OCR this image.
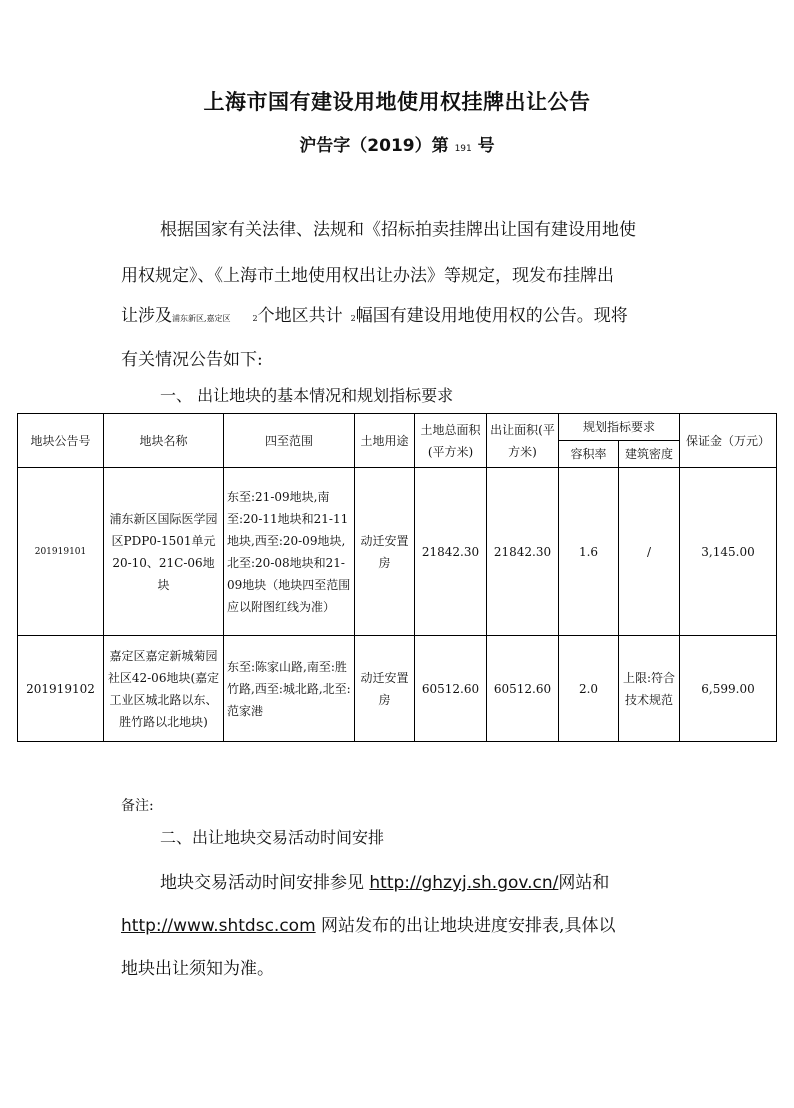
上海市国有建设用地使用权挂牌出让公告
沪告字（2019）第 191 号
根据国家有关法律、法规和《招标拍卖挂牌出让国有建设用地使
用权规定》、《上海市土地使用权出让办法》等规定，现发布挂牌出
让涉及浦东新区,嘉定区	2个地区共计 2幅国有建设用地使用权的公告。现将
有关情况公告如下:
一、 出让地块的基本情况和规划指标要求
地块公告号	地块名称	四至范围	土地用途	土地总面积(平方米)	出让面积(平方米)	规划指标要求		保证金（万元）
						容积率	建筑密度	
201919101	浦东新区国际医学园区PDP0-1501单元20-10、21C-06地块	东至:21-09地块,南至:20-11地块和21-11地块,西至:20-09地块,北至:20-08地块和21-09地块（地块四至范围应以附图红线为准）	动迁安置房	21842.30	21842.30	1.6	/	3,145.00
201919102	嘉定区嘉定新城菊园社区42-06地块(嘉定工业区城北路以东、胜竹路以北地块)	东至:陈家山路,南至:胜竹路,西至:城北路,北至:范家港	动迁安置房	60512.60	60512.60	2.0	上限:符合技术规范	6,599.00
备注:
二、出让地块交易活动时间安排
地块交易活动时间安排参见 http://ghzyj.sh.gov.cn/网站和
http://www.shtdsc.com 网站发布的出让地块进度安排表,具体以
地块出让须知为准。
